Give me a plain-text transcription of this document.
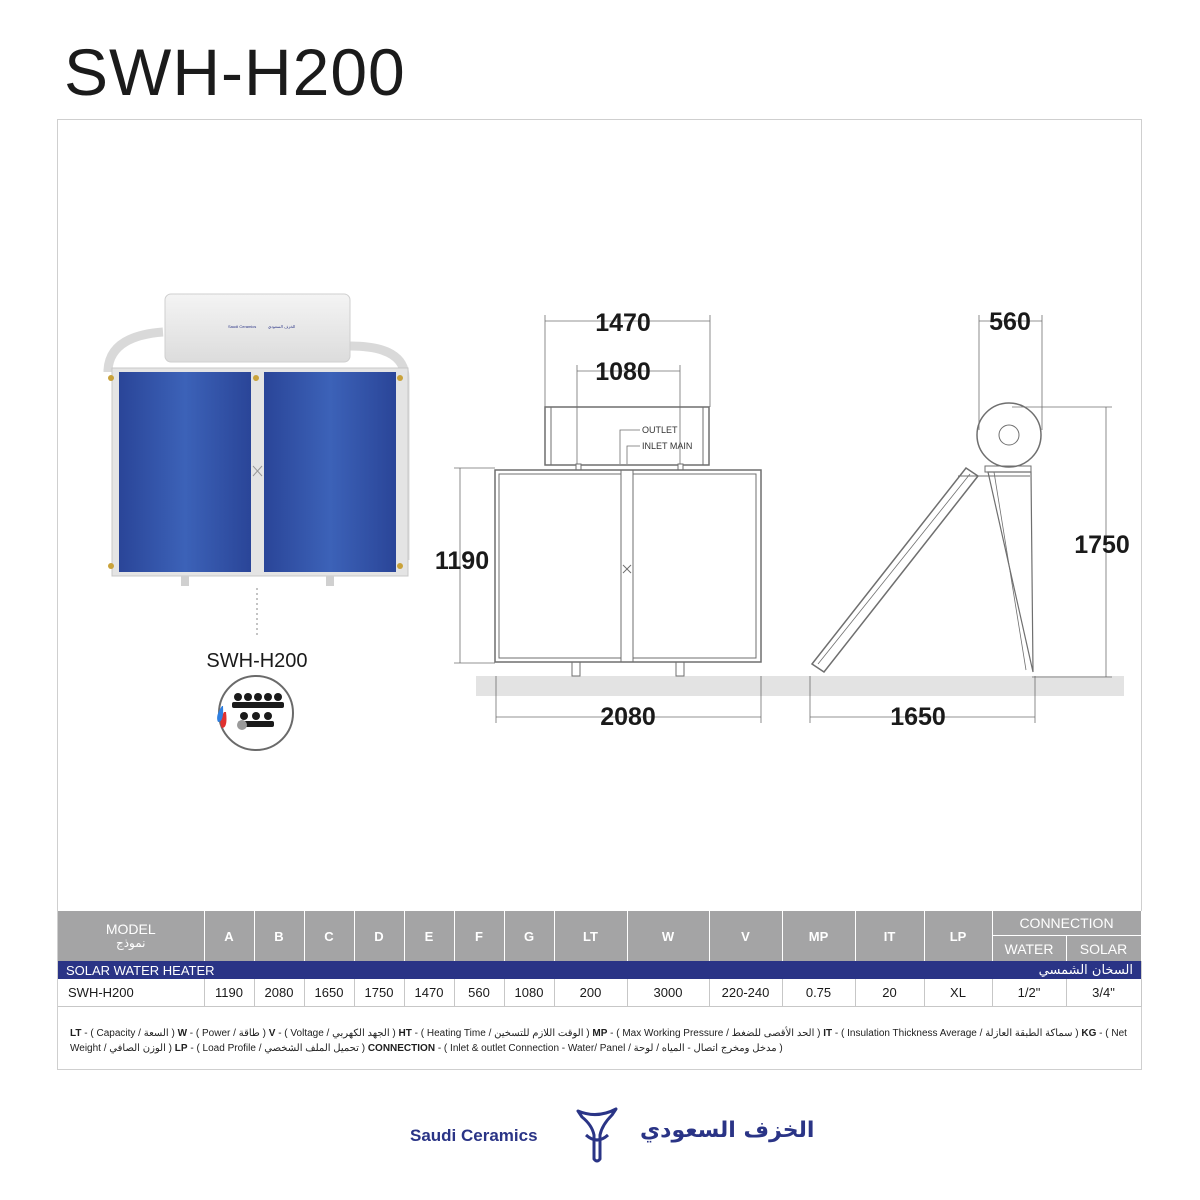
SWH-H200
Saudi Ceramics	الخزف السعودي
SWH-H200
OUTLET
INLET MAIN
1470
1080
1190
2080
560
1750
1650
MODEL
نموذج	A	B	C	D	E	F	G	LT	W	V	MP	IT	LP	CONNECTION	
														WATER	SOLAR
SOLAR WATER HEATER								السخان الشمسي							
SWH-H200	1190	2080	1650	1750	1470	560	1080	200	3000	220-240	0.75	20	XL	1/2"	3/4"
LT - ( Capacity / السعة ) W - ( Power / طاقة ) V - ( Voltage / الجهد الكهربي ) HT - ( Heating Time / الوقت اللازم للتسخين ) MP - ( Max Working Pressure / الحد الأقصى للضغط ) IT - ( Insulation Thickness Average / سماكة الطبقة العازلة ) KG - ( Net Weight / الوزن الصافي ) LP - ( Load Profile / تحميل الملف الشخصي ) CONNECTION - ( Inlet & outlet Connection - Water/ Panel / مدخل ومخرج اتصال - المياه / لوحة )
Saudi Ceramics	الخزف السعودي
